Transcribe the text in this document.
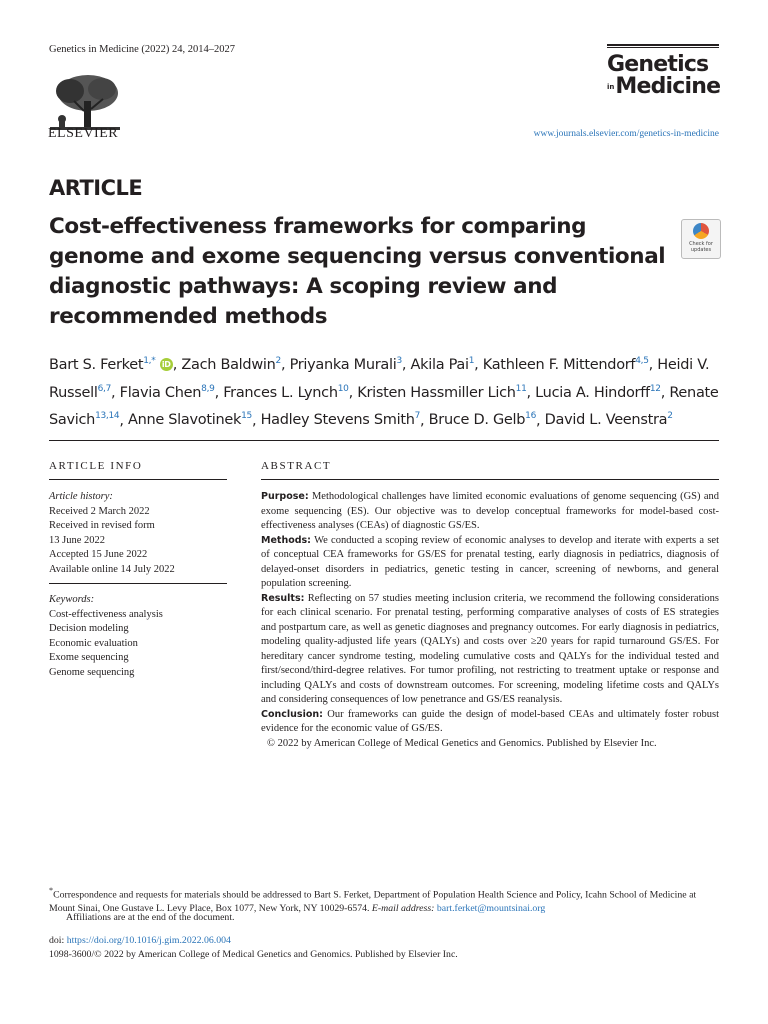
Genetics in Medicine (2022) 24, 2014–2027
ELSEVIER
Genetics
$^{in}$Medicine
www.journals.elsevier.com/genetics-in-medicine
ARTICLE
Cost-effectiveness frameworks for comparing genome and exome sequencing versus conventional diagnostic pathways: A scoping review and recommended methods
Check for updates
Bart S. Ferket$^{1,*}$ iD , Zach Baldwin$^2$, Priyanka Murali$^3$, Akila Pai$^1$, Kathleen F. Mittendorf$^{4,5}$, Heidi V. Russell$^{6,7}$, Flavia Chen$^{8,9}$, Frances L. Lynch$^{10}$, Kristen Hassmiller Lich$^{11}$, Lucia A. Hindorff$^{12}$, Renate Savich$^{13,14}$, Anne Slavotinek$^{15}$, Hadley Stevens Smith$^7$, Bruce D. Gelb$^{16}$, David L. Veenstra$^2$
ARTICLE INFO	ABSTRACT
Article history:
Received 2 March 2022
Received in revised form
13 June 2022
Accepted 15 June 2022
Available online 14 July 2022
Keywords:
Cost-effectiveness analysis
Decision modeling
Economic evaluation
Exome sequencing
Genome sequencing

Purpose: Methodological challenges have limited economic evaluations of genome sequencing (GS) and exome sequencing (ES). Our objective was to develop conceptual frameworks for model-based cost-effectiveness analyses (CEAs) of diagnostic GS/ES.

Methods: We conducted a scoping review of economic analyses to develop and iterate with experts a set of conceptual CEA frameworks for GS/ES for prenatal testing, early diagnosis in pediatrics, diagnosis of delayed-onset disorders in pediatrics, genetic testing in cancer, screening of newborns, and general population screening.

Results: Reflecting on 57 studies meeting inclusion criteria, we recommend the following considerations for each clinical scenario. For prenatal testing, performing comparative analyses of costs of ES strategies and postpartum care, as well as genetic diagnoses and pregnancy outcomes. For early diagnosis in pediatrics, modeling quality-adjusted life years (QALYs) and costs over ≥20 years for rapid turnaround GS/ES. For hereditary cancer syndrome testing, modeling cumulative costs and QALYs for the individual tested and first/second/third-degree relatives. For tumor profiling, not restricting to treatment uptake or response and including QALYs and costs of downstream outcomes. For screening, modeling lifetime costs and QALYs and considering consequences of low penetrance and GS/ES reanalysis.

Conclusion: Our frameworks can guide the design of model-based CEAs and ultimately foster robust evidence for the economic value of GS/ES.

© 2022 by American College of Medical Genetics and Genomics. Published by Elsevier Inc.

*Correspondence and requests for materials should be addressed to Bart S. Ferket, Department of Population Health Science and Policy, Icahn School of Medicine at Mount Sinai, One Gustave L. Levy Place, Box 1077, New York, NY 10029-6574. E-mail address: bart.ferket@mountsinai.org
Affiliations are at the end of the document.
doi: https://doi.org/10.1016/j.gim.2022.06.004
1098-3600/© 2022 by American College of Medical Genetics and Genomics. Published by Elsevier Inc.
